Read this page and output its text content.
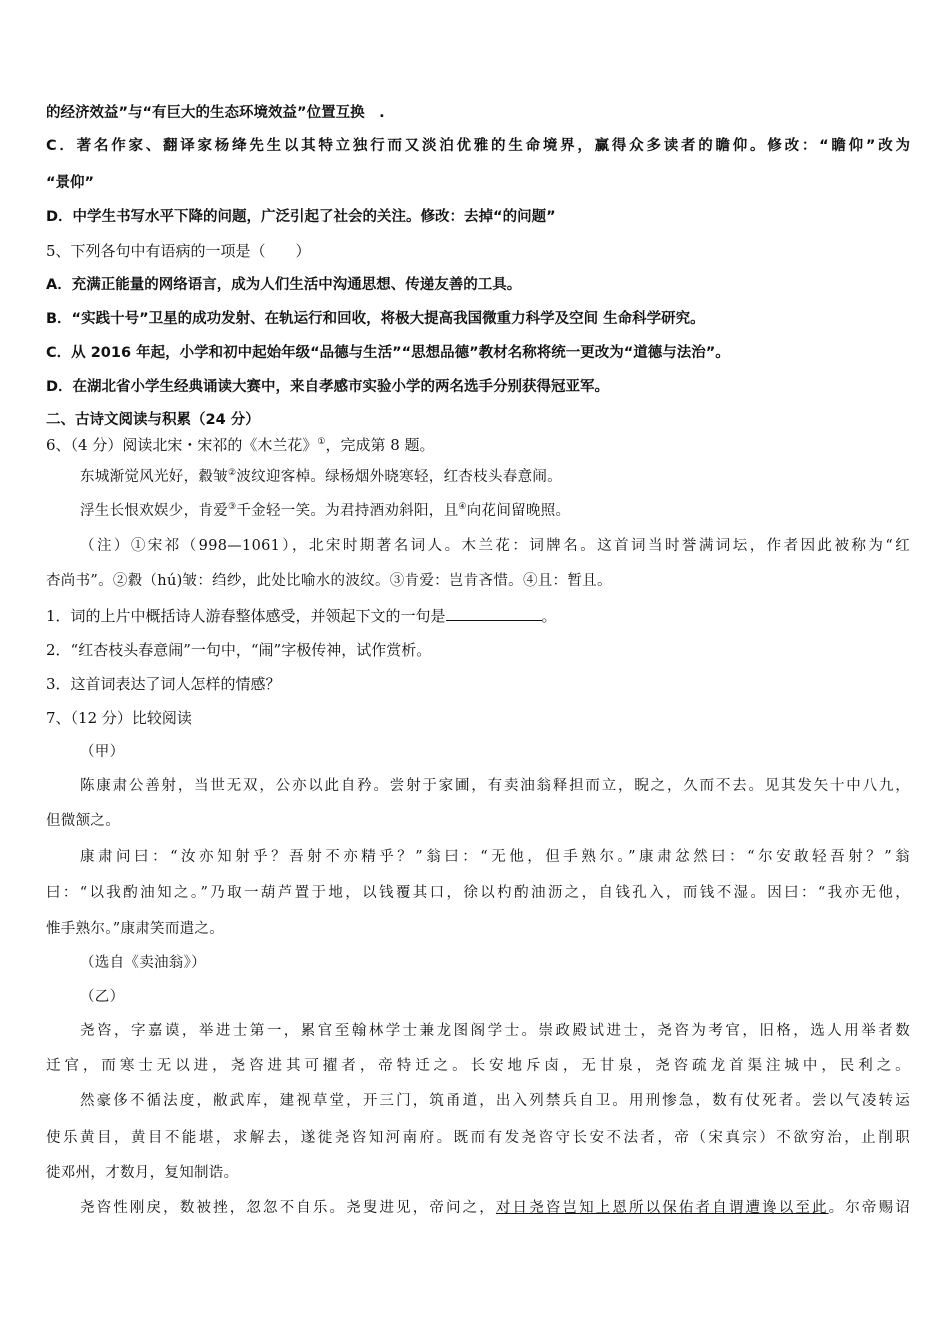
的经济效益”与“有巨大的生态环境效益”位置互换　.
C．著名作家、翻译家杨绛先生以其特立独行而又淡泊优雅的生命境界，赢得众多读者的瞻仰。修改：“瞻仰”改为
“景仰”
D．中学生书写水平下降的问题，广泛引起了社会的关注。修改：去掉“的问题”
5、下列各句中有语病的一项是（　　）
A．充满正能量的网络语言，成为人们生活中沟通思想、传递友善的工具。
B．“实践十号”卫星的成功发射、在轨运行和回收，将极大提高我国微重力科学及空间 生命科学研究。
C．从 2016 年起，小学和初中起始年级“品德与生活”“思想品德”教材名称将统一更改为“道德与法治”。
D．在湖北省小学生经典诵读大赛中，来自孝感市实验小学的两名选手分别获得冠亚军。
二、古诗文阅读与积累（24 分）
6、（4 分）阅读北宋・宋祁的《木兰花》①，完成第 8 题。
东城渐觉风光好，縠皱②波纹迎客棹。绿杨烟外晓寒轻，红杏枝头春意闹。
浮生长恨欢娱少，肯爱③千金轻一笑。为君持酒劝斜阳，且④向花间留晚照。
（注）①宋祁（998—1061），北宋时期著名词人。木兰花：词牌名。这首词当时誉满词坛，作者因此被称为“红
杏尚书”。②縠（hú)皱：绉纱，此处比喻水的波纹。③肯爱：岂肯吝惜。④且：暂且。
1．词的上片中概括诗人游春整体感受，并领起下文的一句是	。
2．“红杏枝头春意闹”一句中，“闹”字极传神，试作赏析。
3．这首词表达了词人怎样的情感？
7、（12 分）比较阅读
（甲）
陈康肃公善射，当世无双，公亦以此自矜。尝射于家圃，有卖油翁释担而立，睨之，久而不去。见其发矢十中八九，
但微颔之。
康肃问曰：“汝亦知射乎？吾射不亦精乎？”翁曰：“无他，但手熟尔。”康肃忿然曰：“尔安敢轻吾射？”翁
曰：“以我酌油知之。”乃取一葫芦置于地，以钱覆其口，徐以杓酌油沥之，自钱孔入，而钱不湿。因曰：“我亦无他，
惟手熟尔。”康肃笑而遣之。
（选自《卖油翁》）
（乙）
尧咨，字嘉谟，举进士第一，累官至翰林学士兼龙图阁学士。崇政殿试进士，尧咨为考官，旧格，选人用举者数
迁官，而寒士无以进，尧咨进其可擢者，帝特迁之。长安地斥卤，无甘泉，尧咨疏龙首渠注城中，民利之。
然豪侈不循法度，敝武库，建视草堂，开三门，筑甬道，出入列禁兵自卫。用刑惨急，数有仗死者。尝以气凌转运
使乐黄目，黄目不能堪，求解去，遂徙尧咨知河南府。既而有发尧咨守长安不法者，帝（宋真宗）不欲穷治，止削职
徙邓州，才数月，复知制诰。
尧咨性刚戾，数被挫，忽忽不自乐。尧叟进见，帝问之，对日尧咨岂知上恩所以保佑者自谓遭谗以至此。尔帝赐诏
